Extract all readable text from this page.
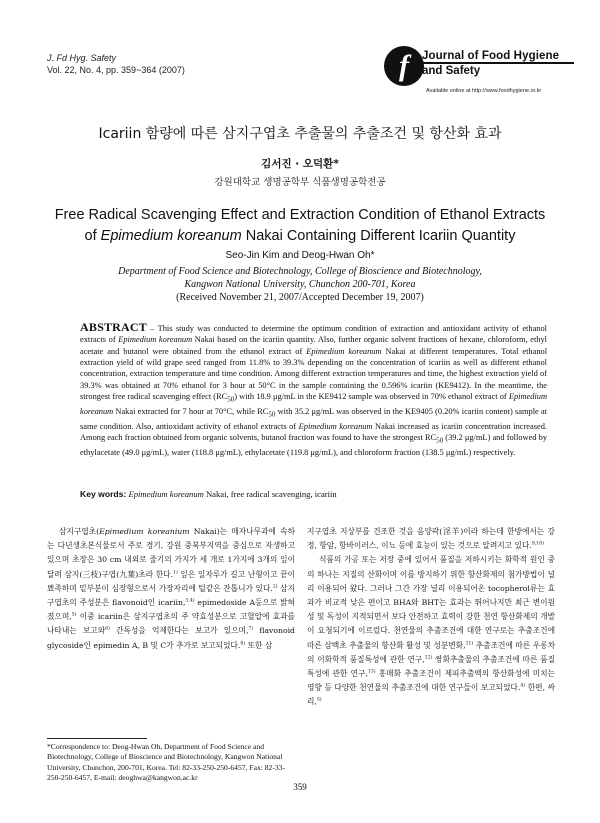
J. Fd Hyg. Safety
Vol. 22, No. 4, pp. 359~364 (2007)	f	Journal of Food Hygiene
and Safety
Available online at http://www.foodhygiene.or.kr
Icariin 함량에 따른 삼지구엽초 추출물의 추출조건 및 항산화 효과
김서진 · 오덕환*
강원대학교 생명공학부 식품생명공학전공
Free Radical Scavenging Effect and Extraction Condition of Ethanol Extracts
of Epimedium koreanum Nakai Containing Different Icariin Quantity
Seo-Jin Kim and Deog-Hwan Oh*
Department of Food Science and Biotechnology, College of Bioscience and Biotechnology,
Kangwon National University, Chunchon 200-701, Korea
(Received November 21, 2007/Accepted December 19, 2007)
ABSTRACT – This study was conducted to determine the optimum condition of extraction and antioxidant activity of ethanol extracts of Epimedium koreanum Nakai based on the icariin quantity. Also, further organic solvent fractions of hexane, chloroform, ethyl acetate and butanol were obtained from the ethanol extract of Epimedium koreanum Nakai at different temperatures. Total ethanol extraction yield of wild grape seed ranged from 11.8% to 39.3% depending on the concentration of icariin as well as different ethanol concentration, extraction temperature and time condition. Among different extraction temperatures and time, the highest extraction yield of 39.3% was obtained at 70% ethanol for 3 hour at 50°C in the sample containing the 0.596% icariin (KE9412). In the meantime, the strongest free radical scavenging effect $(RC_{50})$ with 18.9 μg/mL in the KE9412 sample was observed in 70% ethanol extract of Epimedium koreanum Nakai extracted for 7 hour at 70°C, while $RC_{50}$ with 35.2 μg/mL was observed in the KE9405 (0.20% icariin content) sample at same condition. Also, antioxidant activity of ethanol extracts of Epimedium koreanum Nakai increased as icariin concentration increased. Among each fraction obtained from organic solvents, butanol fraction was found to have the strongest $RC_{50}$ (39.2 μg/mL) and followed by ethylacetate (49.0 μg/mL), water (118.8 μg/mL), ethylacetate (119.8 μg/mL), and chloroform fraction (138.5 μg/mL) respectively.
Key words: Epimedium koreanum Nakai, free radical scavenging, icariin

삼지구엽초(Epimedium koreanium Nakai)는 매자나무과에 속하는 다년생초본식물로서 주로 경기, 강원 중북부지역을 중심으로 자생하고 있으며 초장은 30 cm 내외로 줄기의 가지가 세 개로 1가지에 3개의 잎이 달려 삼지(三枝)구엽(九葉)초라 한다.$^{1)}$ 잎은 일자루가 길고 난형이고 끝이 뾰족하며 밑부분이 심장형으로서 가장자리에 털같은 잔톱니가 있다.$^{2)}$ 삼지구엽초의 주성분은 flavonoid인 icariin,$^{3,4)}$ epimedoside A등으로 밝혀졌으며,$^{5)}$ 이중 icariin은 삼지구엽초의 주 약효성분으로 고혈압에 효과를 나타내는 보고와$^{6)}$ 간독성을 억제한다는 보고가 있으며,$^{7)}$ flavonoid glycoside인 epimedin A, B 및 C가 추가로 보고되었다.$^{8)}$ 또한 삼

지구엽초 지상부를 건조한 것을 음양곽(淫羊)이라 하는데 한방에서는 강정, 항암, 항바이러스, 이뇨 등에 효능이 있는 것으로 알려지고 있다.$^{9,10)}$

식품의 가공 또는 저장 중에 있어서 품질을 저하시키는 화학적 원인 중의 하나는 지질의 산화이며 이를 방지하기 위한 항산화제의 첨가방법이 널리 이용되어 왔다. 그러나 그간 가장 널리 이용되어온 tocopherol류는 효과가 비교적 낮은 편이고 BHA와 BHT는 효과는 뛰어나지만 최근 변이원성 및 독성이 지적되면서 보다 안전하고 효력이 강한 천연 항산화제의 개발이 요청되기에 이르렀다. 천연물의 추출조건에 대한 연구로는 추출조건에 따른 삼백초 추출물의 항산화 활성 및 성분변화,$^{11)}$ 추출조건에 따른 우롱차의 이화학적 품질특성에 관한 연구,$^{12)}$ 쌍화추출물의 추출조건에 따른 품질특성에 관한 연구,$^{13)}$ 홍매화 추출조건이 제피추출액의 항산화성에 미치는 영향 등 다양한 천연물의 추출조건에 대한 연구들이 보고되었다.$^{4)}$ 한편, 싸리,$^{5)}$

*Correspondence to: Deog-Hwan Oh, Department of Food Science and Biotechnology, College of Bioscience and Biotechnology, Kangwon National University, Chunchon, 200-701, Korea. Tel: 82-33-250-250-6457, Fax: 82-33-250-250-6457, E-mail: deoghwa@kangwon.ac.kr
359
